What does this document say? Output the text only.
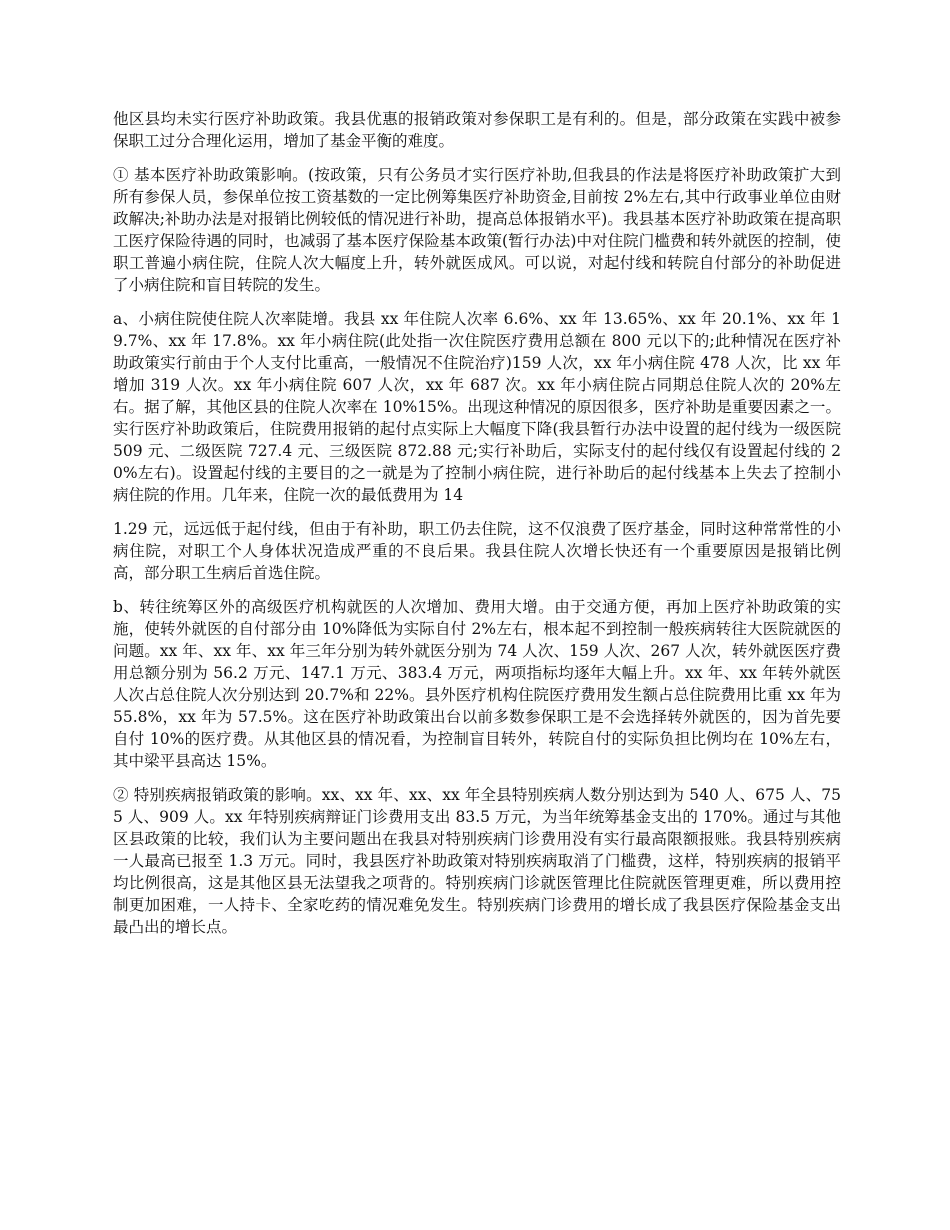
他区县均未实行医疗补助政策。我县优惠的报销政策对参保职工是有利的。但是，部分政策在实践中被参保职工过分合理化运用，增加了基金平衡的难度。

① 基本医疗补助政策影响。(按政策，只有公务员才实行医疗补助,但我县的作法是将医疗补助政策扩大到所有参保人员，参保单位按工资基数的一定比例筹集医疗补助资金,目前按 2%左右,其中行政事业单位由财政解决;补助办法是对报销比例较低的情况进行补助，提高总体报销水平)。我县基本医疗补助政策在提高职工医疗保险待遇的同时，也减弱了基本医疗保险基本政策(暂行办法)中对住院门槛费和转外就医的控制，使职工普遍小病住院，住院人次大幅度上升，转外就医成风。可以说，对起付线和转院自付部分的补助促进了小病住院和盲目转院的发生。

a、小病住院使住院人次率陡增。我县 xx 年住院人次率 6.6%、xx 年 13.65%、xx 年 20.1%、xx 年 19.7%、xx 年 17.8%。xx 年小病住院(此处指一次住院医疗费用总额在 800 元以下的;此种情况在医疗补助政策实行前由于个人支付比重高，一般情况不住院治疗)159 人次，xx 年小病住院 478 人次，比 xx 年增加 319 人次。xx 年小病住院 607 人次，xx 年 687 次。xx 年小病住院占同期总住院人次的 20%左右。据了解，其他区县的住院人次率在 10%15%。出现这种情况的原因很多，医疗补助是重要因素之一。实行医疗补助政策后，住院费用报销的起付点实际上大幅度下降(我县暂行办法中设置的起付线为一级医院 509 元、二级医院 727.4 元、三级医院 872.88 元;实行补助后，实际支付的起付线仅有设置起付线的 20%左右)。设置起付线的主要目的之一就是为了控制小病住院，进行补助后的起付线基本上失去了控制小病住院的作用。几年来，住院一次的最低费用为 14

1.29 元，远远低于起付线，但由于有补助，职工仍去住院，这不仅浪费了医疗基金，同时这种常常性的小病住院，对职工个人身体状况造成严重的不良后果。我县住院人次增长快还有一个重要原因是报销比例高，部分职工生病后首选住院。

b、转往统筹区外的高级医疗机构就医的人次增加、费用大增。由于交通方便，再加上医疗补助政策的实施，使转外就医的自付部分由 10%降低为实际自付 2%左右，根本起不到控制一般疾病转往大医院就医的问题。xx 年、xx 年、xx 年三年分别为转外就医分别为 74 人次、159 人次、267 人次，转外就医医疗费用总额分别为 56.2 万元、147.1 万元、383.4 万元，两项指标均逐年大幅上升。xx 年、xx 年转外就医人次占总住院人次分别达到 20.7%和 22%。县外医疗机构住院医疗费用发生额占总住院费用比重 xx 年为 55.8%，xx 年为 57.5%。这在医疗补助政策出台以前多数参保职工是不会选择转外就医的，因为首先要自付 10%的医疗费。从其他区县的情况看，为控制盲目转外，转院自付的实际负担比例均在 10%左右，其中梁平县高达 15%。

② 特别疾病报销政策的影响。xx、xx 年、xx、xx 年全县特别疾病人数分别达到为 540 人、675 人、755 人、909 人。xx 年特别疾病辩证门诊费用支出 83.5 万元，为当年统筹基金支出的 170%。通过与其他区县政策的比较，我们认为主要问题出在我县对特别疾病门诊费用没有实行最高限额报账。我县特别疾病一人最高已报至 1.3 万元。同时，我县医疗补助政策对特别疾病取消了门槛费，这样，特别疾病的报销平均比例很高，这是其他区县无法望我之项背的。特别疾病门诊就医管理比住院就医管理更难，所以费用控制更加困难，一人持卡、全家吃药的情况难免发生。特别疾病门诊费用的增长成了我县医疗保险基金支出最凸出的增长点。
